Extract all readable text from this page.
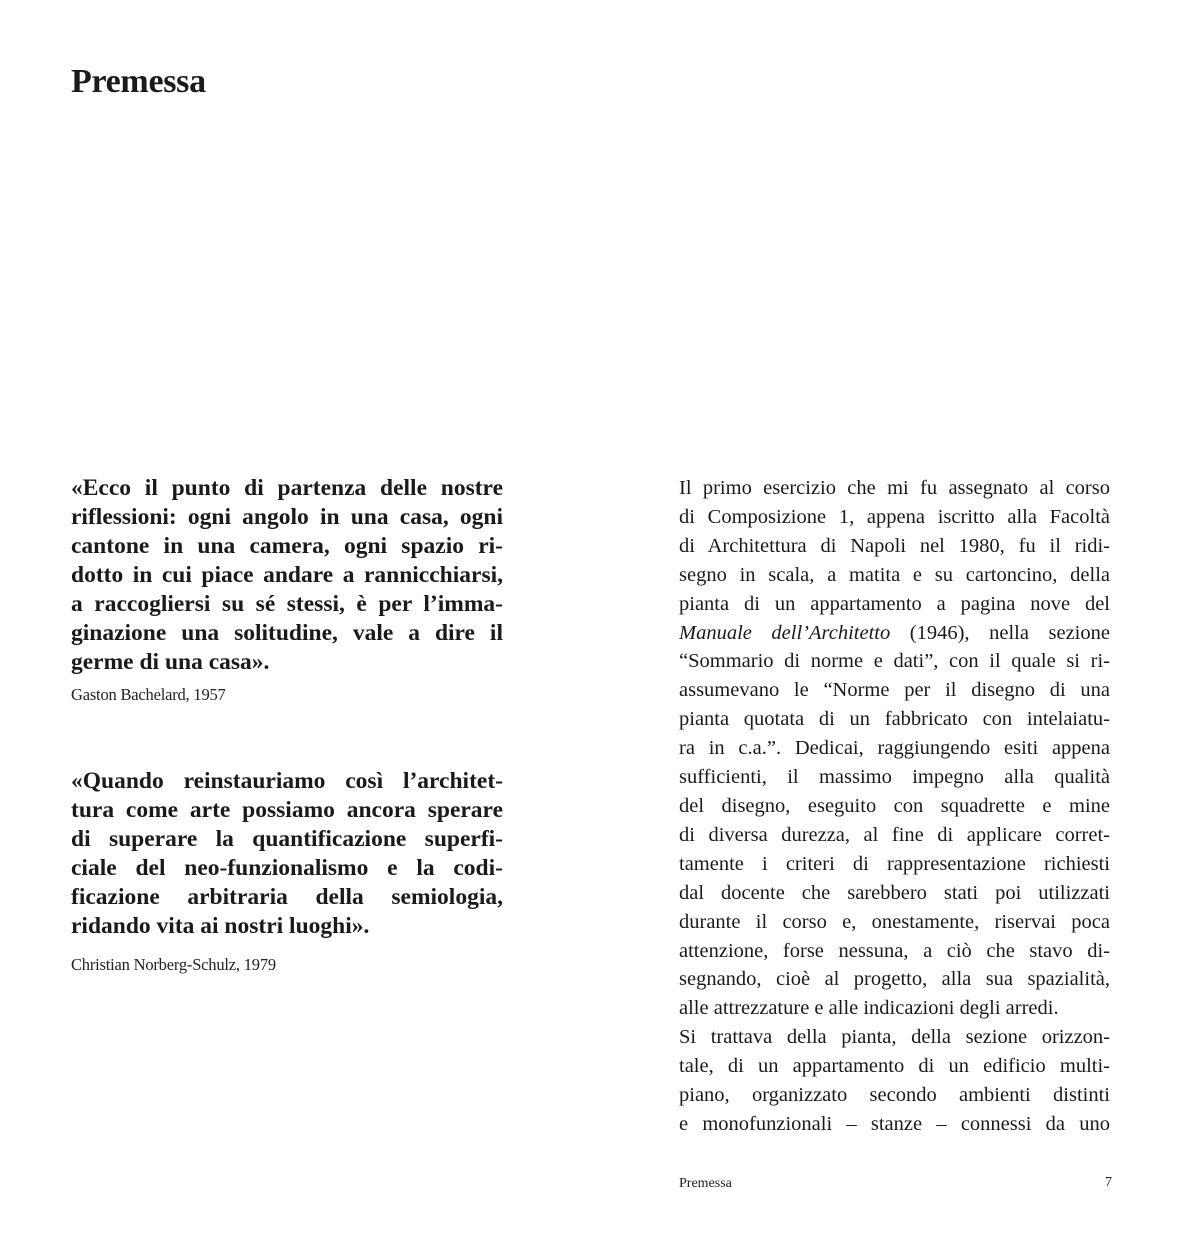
Premessa
«Ecco il punto di partenza delle nostre
riflessioni: ogni angolo in una casa, ogni
cantone in una camera, ogni spazio ri-
dotto in cui piace andare a rannicchiarsi,
a raccogliersi su sé stessi, è per l’imma-
ginazione una solitudine, vale a dire il
germe di una casa».

Gaston Bachelard, 1957

«Quando reinstauriamo così l’architet-
tura come arte possiamo ancora sperare
di superare la quantificazione superfi-
ciale del neo-funzionalismo e la codi-
ficazione arbitraria della semiologia,
ridando vita ai nostri luoghi».

Christian Norberg-Schulz, 1979

Il primo esercizio che mi fu assegnato al corso
di Composizione 1, appena iscritto alla Facoltà
di Architettura di Napoli nel 1980, fu il ridi-
segno in scala, a matita e su cartoncino, della
pianta di un appartamento a pagina nove del
Manuale dell’Architetto (1946), nella sezione
“Sommario di norme e dati”, con il quale si ri-
assumevano le “Norme per il disegno di una
pianta quotata di un fabbricato con intelaiatu-
ra in c.a.”. Dedicai, raggiungendo esiti appena
sufficienti, il massimo impegno alla qualità
del disegno, eseguito con squadrette e mine
di diversa durezza, al fine di applicare corret-
tamente i criteri di rappresentazione richiesti
dal docente che sarebbero stati poi utilizzati
durante il corso e, onestamente, riservai poca
attenzione, forse nessuna, a ciò che stavo di-
segnando, cioè al progetto, alla sua spazialità,
alle attrezzature e alle indicazioni degli arredi.
Si trattava della pianta, della sezione orizzon-
tale, di un appartamento di un edificio multi-
piano, organizzato secondo ambienti distinti
e monofunzionali – stanze – connessi da uno
Premessa	7
